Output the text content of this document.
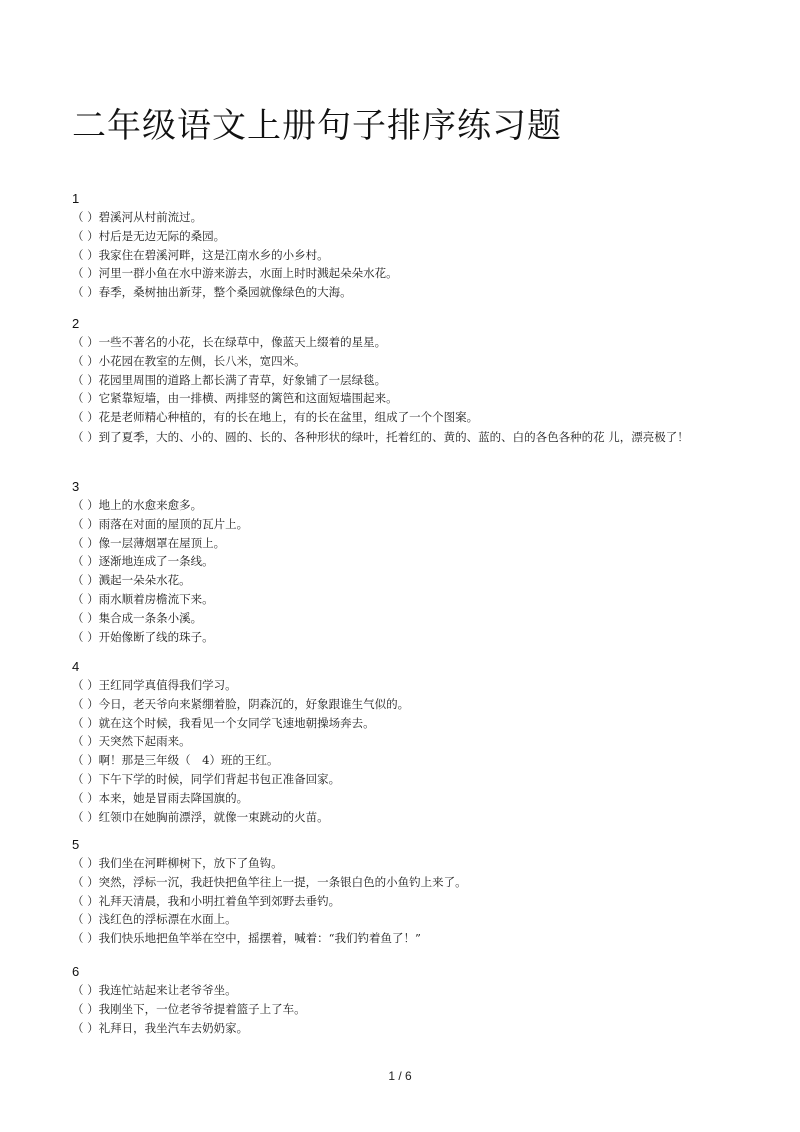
二年级语文上册句子排序练习题
1
（ ）碧溪河从村前流过。
（ ）村后是无边无际的桑园。
（ ）我家住在碧溪河畔，这是江南水乡的小乡村。
（ ）河里一群小鱼在水中游来游去，水面上时时溅起朵朵水花。
（ ）春季，桑树抽出新芽，整个桑园就像绿色的大海。
2
（ ）一些不著名的小花，长在绿草中，像蓝天上缀着的星星。
（ ）小花园在教室的左侧，长八米，宽四米。
（ ）花园里周围的道路上都长满了青草，好象铺了一层绿毯。
（ ）它紧靠短墙，由一排横、两排竖的篱笆和这面短墙围起来。
（ ）花是老师精心种植的，有的长在地上，有的长在盆里，组成了一个个图案。
（ ）到了夏季，大的、小的、圆的、长的、各种形状的绿叶，托着红的、黄的、蓝的、白的各色各种的花 儿，漂亮极了！
3
（ ）地上的水愈来愈多。
（ ）雨落在对面的屋顶的瓦片上。
（ ）像一层薄烟罩在屋顶上。
（ ）逐渐地连成了一条线。
（ ）溅起一朵朵水花。
（ ）雨水顺着房檐流下来。
（ ）集合成一条条小溪。
（ ）开始像断了线的珠子。
4
（ ）王红同学真值得我们学习。
（ ）今日，老天爷向来紧绷着脸，阴森沉的，好象跟谁生气似的。
（ ）就在这个时候，我看见一个女同学飞速地朝操场奔去。
（ ）天突然下起雨来。
（ ）啊！那是三年级（　4）班的王红。
（ ）下午下学的时候，同学们背起书包正准备回家。
（ ）本来，她是冒雨去降国旗的。
（ ）红领巾在她胸前漂浮，就像一束跳动的火苗。
5
（ ）我们坐在河畔柳树下，放下了鱼钩。
（ ）突然，浮标一沉，我赶快把鱼竿往上一提，一条银白色的小鱼钓上来了。
（ ）礼拜天清晨，我和小明扛着鱼竿到郊野去垂钓。
（ ）浅红色的浮标漂在水面上。
（ ）我们快乐地把鱼竿举在空中，摇摆着，喊着：“我们钓着鱼了！”
6
（ ）我连忙站起来让老爷爷坐。
（ ）我刚坐下，一位老爷爷提着篮子上了车。
（ ）礼拜日，我坐汽车去奶奶家。
1 / 6
